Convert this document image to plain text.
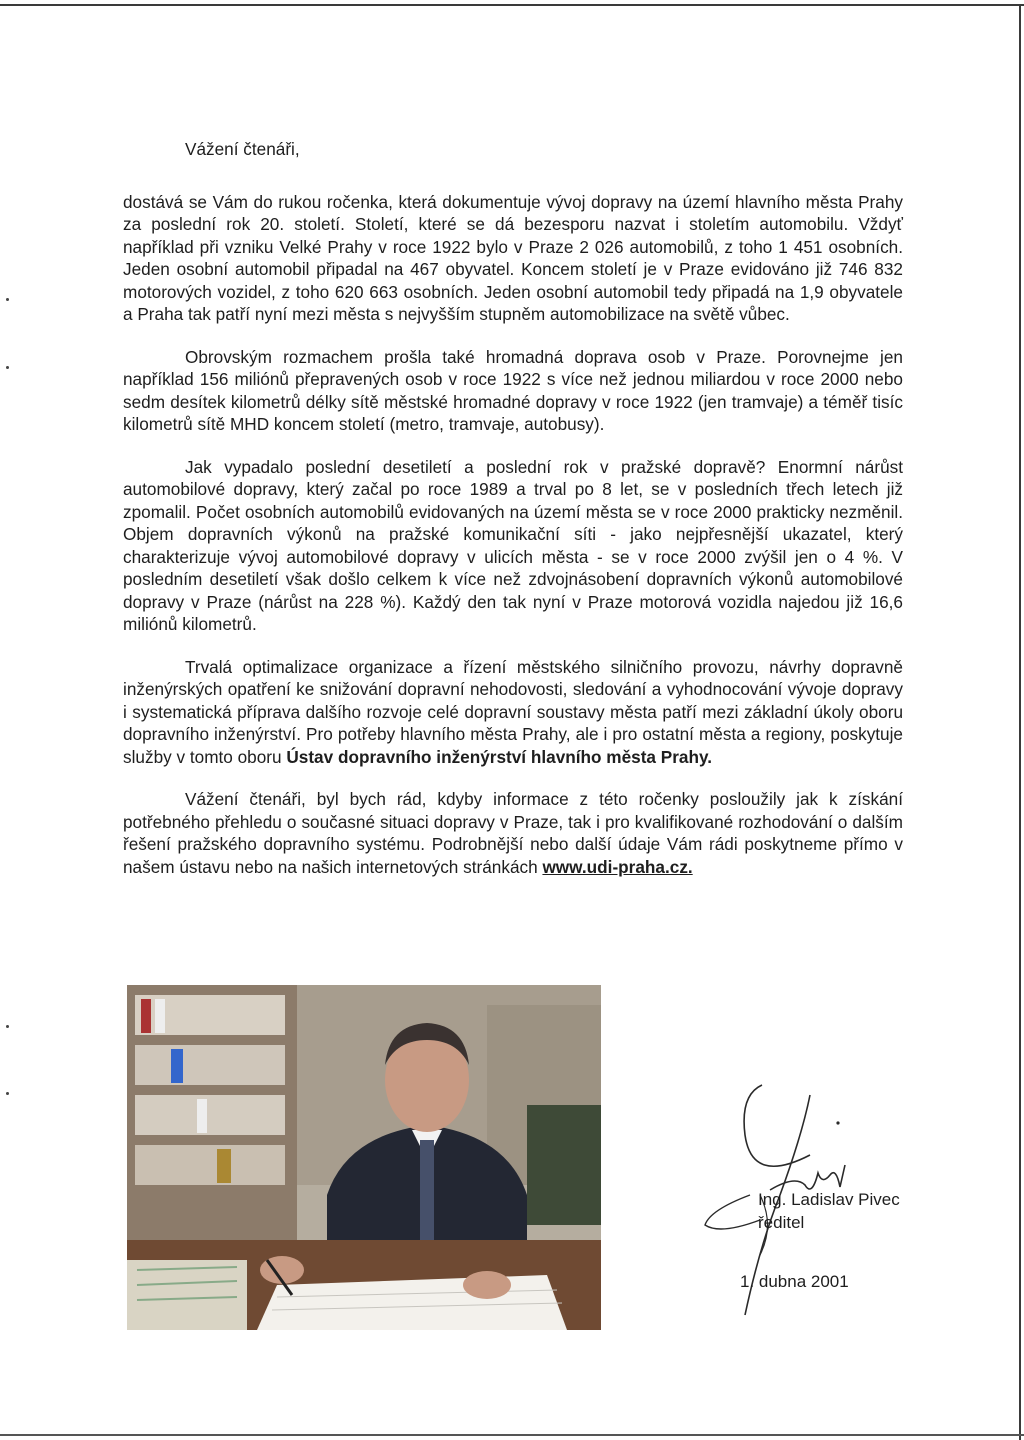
Vážení čtenáři,

dostává se Vám do rukou ročenka, která dokumentuje vývoj dopravy na území hlavního města Prahy za poslední rok 20. století. Století, které se dá bezesporu nazvat i stoletím automobilu. Vždyť například při vzniku Velké Prahy v roce 1922 bylo v Praze 2 026 automobilů, z toho 1 451 osobních. Jeden osobní automobil připadal na 467 obyvatel. Koncem století je v Praze evidováno již 746 832 motorových vozidel, z toho 620 663 osobních. Jeden osobní automobil tedy připadá na 1,9 obyvatele a Praha tak patří nyní mezi města s nejvyšším stupněm automobilizace na světě vůbec.

Obrovským rozmachem prošla také hromadná doprava osob v Praze. Porovnejme jen například 156 miliónů přepravených osob v roce 1922 s více než jednou miliardou v roce 2000 nebo sedm desítek kilometrů délky sítě městské hromadné dopravy v roce 1922 (jen tramvaje) a téměř tisíc kilometrů sítě MHD koncem století (metro, tramvaje, autobusy).

Jak vypadalo poslední desetiletí a poslední rok v pražské dopravě? Enormní nárůst automobilové dopravy, který začal po roce 1989 a trval po 8 let, se v posledních třech letech již zpomalil. Počet osobních automobilů evidovaných na území města se v roce 2000 prakticky nezměnil. Objem dopravních výkonů na pražské komunikační síti - jako nejpřesnější ukazatel, který charakterizuje vývoj automobilové dopravy v ulicích města - se v roce 2000 zvýšil jen o 4 %. V posledním desetiletí však došlo celkem k více než zdvojnásobení dopravních výkonů automobilové dopravy v Praze (nárůst na 228 %). Každý den tak nyní v Praze motorová vozidla najedou již 16,6 miliónů kilometrů.

Trvalá optimalizace organizace a řízení městského silničního provozu, návrhy dopravně inženýrských opatření ke snižování dopravní nehodovosti, sledování a vyhodnocování vývoje dopravy i systematická příprava dalšího rozvoje celé dopravní soustavy města patří mezi základní úkoly oboru dopravního inženýrství. Pro potřeby hlavního města Prahy, ale i pro ostatní města a regiony, poskytuje služby v tomto oboru Ústav dopravního inženýrství hlavního města Prahy.

Vážení čtenáři, byl bych rád, kdyby informace z této ročenky posloužily jak k získání potřebného přehledu o současné situaci dopravy v Praze, tak i pro kvalifikované rozhodování o dalším řešení pražského dopravního systému. Podrobnější nebo další údaje Vám rádi poskytneme přímo v našem ústavu nebo na našich internetových stránkách www.udi-praha.cz.

Ing. Ladislav Pivec
ředitel
1. dubna 2001
